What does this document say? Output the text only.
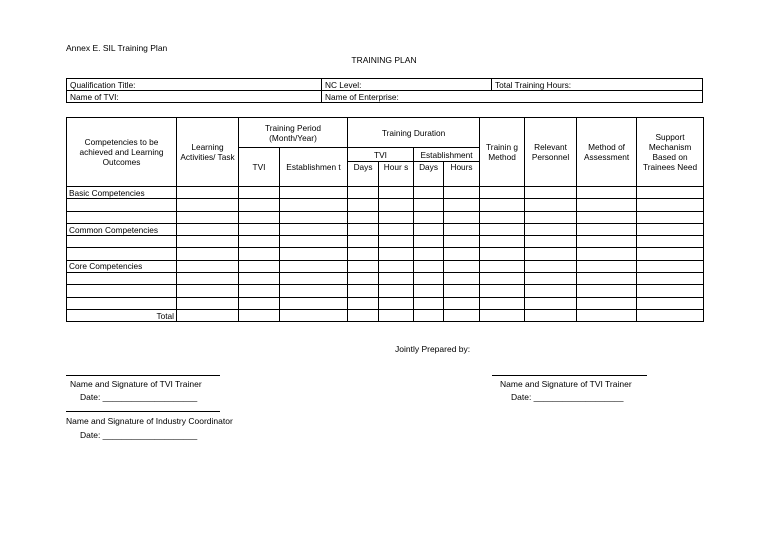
Annex E. SIL Training Plan
TRAINING PLAN
Qualification Title:	NC Level:	Total Training Hours:
Name of TVI:	Name of Enterprise:	
Competencies to be achieved and Learning Outcomes	Learning Activities/ Task	Training Period (Month/Year)		Training Duration				Trainin g Method	Relevant Personnel	Method of Assessment	Support Mechanism Based on Trainees Need
		TVI	Establishmen t	TVI		Establishment					
				Days	Hour s	Days	Hours				
Basic Competencies											

Common Competencies											

Core Competencies											

Total											
Jointly Prepared by:
Name and Signature of TVI Trainer
Date: ____________________
Name and Signature of TVI Trainer
Date: ___________________
Name and Signature of Industry Coordinator
Date: ____________________
